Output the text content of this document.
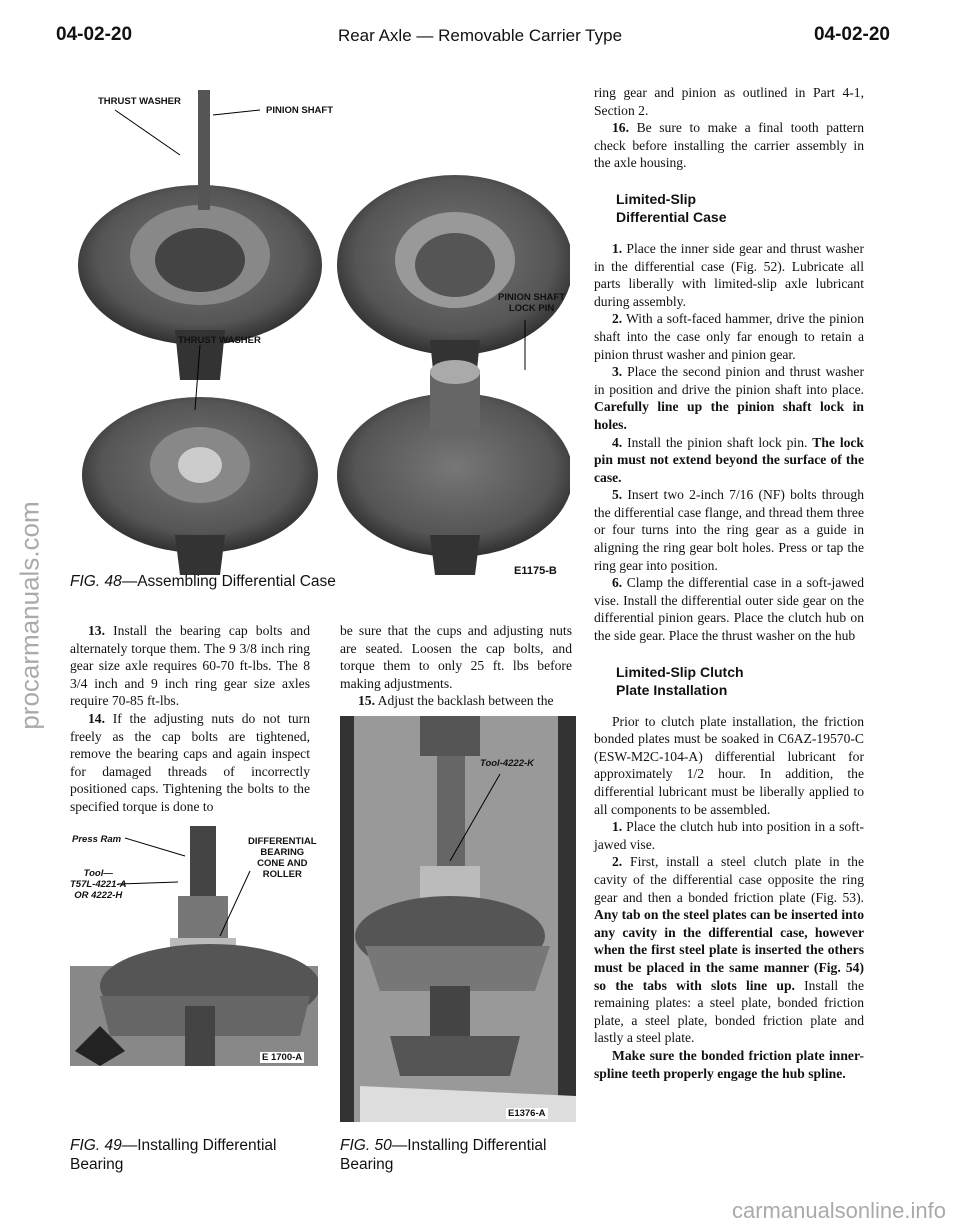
04-02-20	Rear Axle — Removable Carrier Type	04-02-20
THRUST WASHER
PINION SHAFT
PINION SHAFT
LOCK PIN
THRUST WASHER
E1175-B
FIG. 48—Assembling Differential Case

13. Install the bearing cap bolts and alternately torque them. The 9 3/8 inch ring gear size axle requires 60-70 ft-lbs. The 8 3/4 inch and 9 inch ring gear size axles require 70-85 ft-lbs.

14. If the adjusting nuts do not turn freely as the cap bolts are tightened, remove the bearing caps and again inspect for damaged threads of incorrectly positioned caps. Tightening the bolts to the specified torque is done to

Press Ram
Tool—
T57L-4221-A
OR 4222-H
DIFFERENTIAL
BEARING
CONE AND
ROLLER
E 1700-A
FIG. 49—Installing Differential
Bearing

be sure that the cups and adjusting nuts are seated. Loosen the cap bolts, and torque them to only 25 ft. lbs before making adjustments.

15. Adjust the backlash between the

Tool-4222-K
E1376-A
FIG. 50—Installing Differential
Bearing

ring gear and pinion as outlined in Part 4-1, Section 2.

16. Be sure to make a final tooth pattern check before installing the carrier assembly in the axle housing.

Limited-Slip
Differential Case

1. Place the inner side gear and thrust washer in the differential case (Fig. 52). Lubricate all parts liberally with limited-slip axle lubricant during assembly.

2. With a soft-faced hammer, drive the pinion shaft into the case only far enough to retain a pinion thrust washer and pinion gear.

3. Place the second pinion and thrust washer in position and drive the pinion shaft into place. Carefully line up the pinion shaft lock in holes.

4. Install the pinion shaft lock pin. The lock pin must not extend beyond the surface of the case.

5. Insert two 2-inch 7/16 (NF) bolts through the differential case flange, and thread them three or four turns into the ring gear as a guide in aligning the ring gear bolt holes. Press or tap the ring gear into position.

6. Clamp the differential case in a soft-jawed vise. Install the differential outer side gear on the differential pinion gears. Place the clutch hub on the side gear. Place the thrust washer on the hub

Limited-Slip Clutch
Plate Installation

Prior to clutch plate installation, the friction bonded plates must be soaked in C6AZ-19570-C (ESW-M2C-104-A) differential lubricant for approximately 1/2 hour. In addition, the differential lubricant must be liberally applied to all components to be assembled.

1. Place the clutch hub into position in a soft-jawed vise.

2. First, install a steel clutch plate in the cavity of the differential case opposite the ring gear and then a bonded friction plate (Fig. 53). Any tab on the steel plates can be inserted into any cavity in the differential case, however when the first steel plate is inserted the others must be placed in the same manner (Fig. 54) so the tabs with slots line up. Install the remaining plates: a steel plate, bonded friction plate, a steel plate, bonded friction plate and lastly a steel plate.

Make sure the bonded friction plate inner-spline teeth properly engage the hub spline.

procarmanuals.com
carmanualsonline.info
